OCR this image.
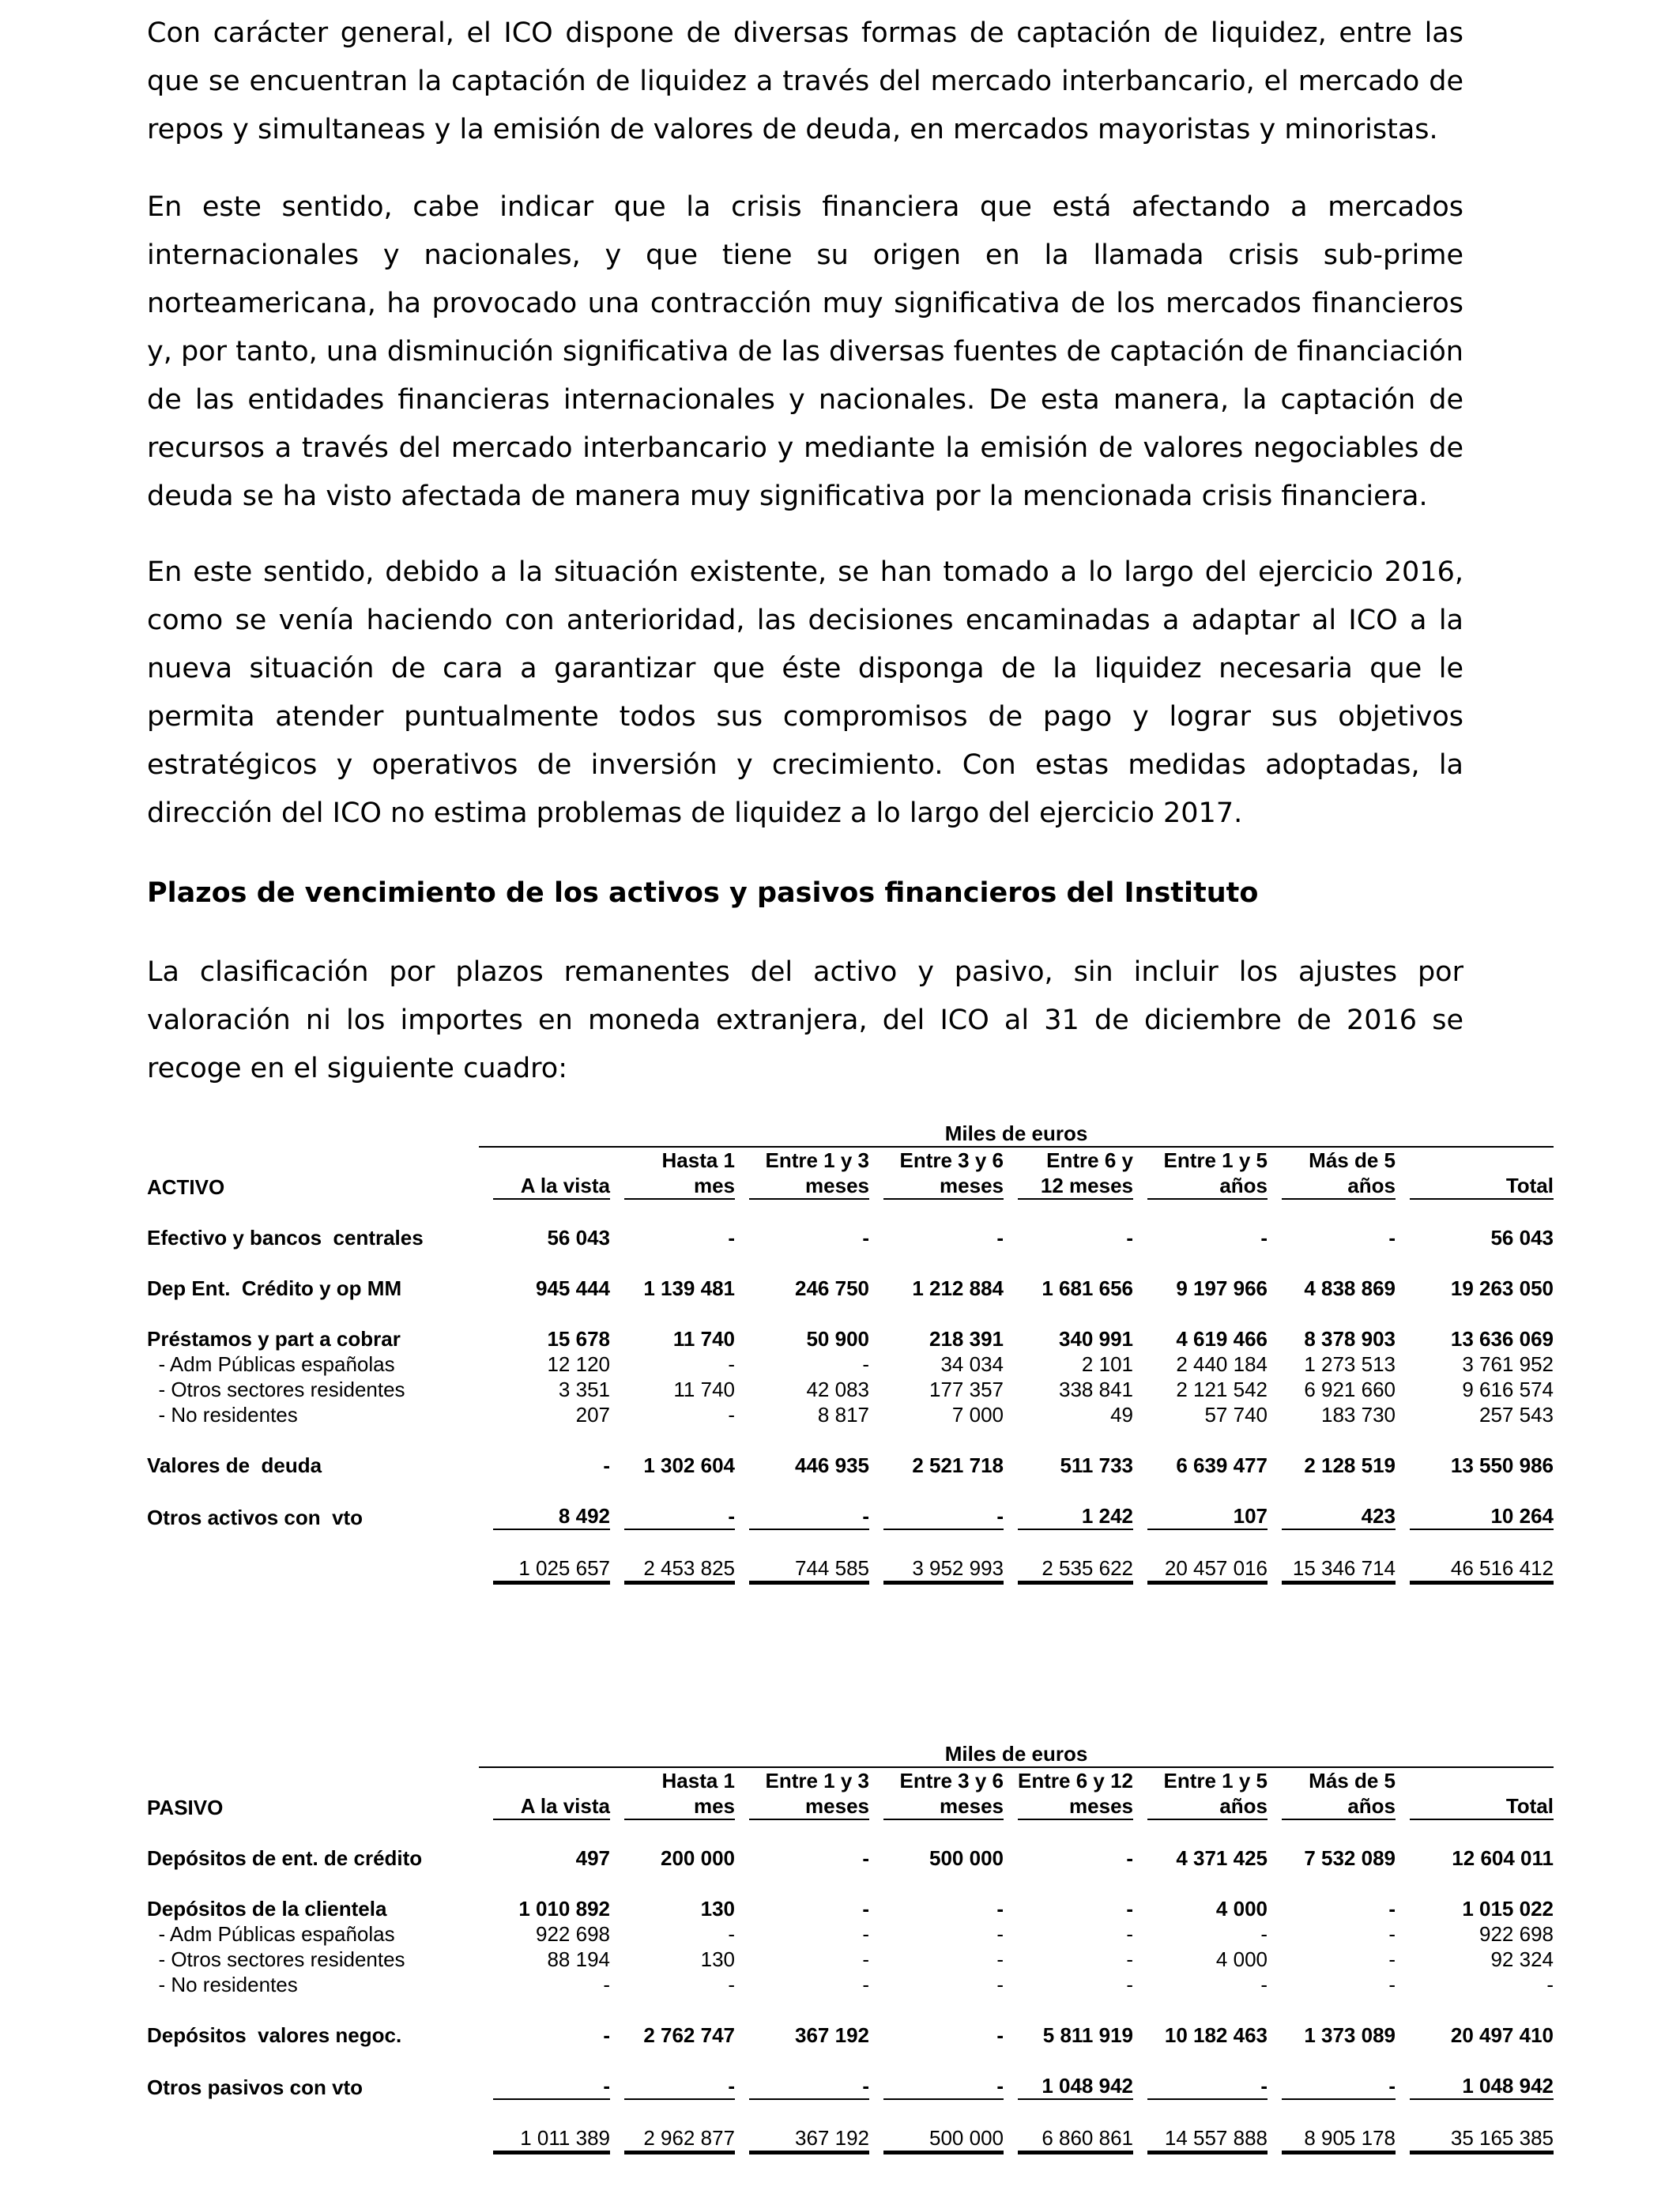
Con carácter general, el ICO dispone de diversas formas de captación de liquidez, entre las que se encuentran la captación de liquidez a través del mercado interbancario, el mercado de repos y simultaneas y la emisión de valores de deuda, en mercados mayoristas y minoristas.

En este sentido, cabe indicar que la crisis financiera que está afectando a mercados internacionales y nacionales, y que tiene su origen en la llamada crisis sub-prime norteamericana, ha provocado una contracción muy significativa de los mercados financieros y, por tanto, una disminución significativa de las diversas fuentes de captación de financiación de las entidades financieras internacionales y nacionales. De esta manera, la captación de recursos a través del mercado interbancario y mediante la emisión de valores negociables de deuda se ha visto afectada de manera muy significativa por la mencionada crisis financiera.

En este sentido, debido a la situación existente, se han tomado a lo largo del ejercicio 2016, como se venía haciendo con anterioridad, las decisiones encaminadas a adaptar al ICO a la nueva situación de cara a garantizar que éste disponga de la liquidez necesaria que le permita atender puntualmente todos sus compromisos de pago y lograr sus objetivos estratégicos y operativos de inversión y crecimiento. Con estas medidas adoptadas, la dirección del ICO no estima problemas de liquidez a lo largo del ejercicio 2017.

Plazos de vencimiento de los activos y pasivos financieros del Instituto

La clasificación por plazos remanentes del activo y pasivo, sin incluir los ajustes por valoración ni los importes en moneda extranjera, del ICO al 31 de diciembre de 2016 se recoge en el siguiente cuadro:

	Miles de euros							
		Hasta 1	Entre 1 y 3	Entre 3 y 6	Entre 6 y	Entre 1 y 5	Más de 5	
ACTIVO	A la vista	mes	meses	meses	12 meses	años	años	Total

Efectivo y bancos  centrales	56 043	-	-	-	-	-	-	56 043

Dep Ent.  Crédito y op MM	945 444	1 139 481	246 750	1 212 884	1 681 656	9 197 966	4 838 869	19 263 050

Préstamos y part a cobrar	15 678	11 740	50 900	218 391	340 991	4 619 466	8 378 903	13 636 069

- Adm Públicas españolas	12 120	-	-	34 034	2 101	2 440 184	1 273 513	3 761 952

- Otros sectores residentes	3 351	11 740	42 083	177 357	338 841	2 121 542	6 921 660	9 616 574

- No residentes	207	-	8 817	7 000	49	57 740	183 730	257 543

Valores de  deuda	-	1 302 604	446 935	2 521 718	511 733	6 639 477	2 128 519	13 550 986

Otros activos con  vto	8 492	-	-	-	1 242	107	423	10 264

	1 025 657	2 453 825	744 585	3 952 993	2 535 622	20 457 016	15 346 714	46 516 412
	Miles de euros							
		Hasta 1	Entre 1 y 3	Entre 3 y 6	Entre 6 y 12	Entre 1 y 5	Más de 5	
PASIVO	A la vista	mes	meses	meses	meses	años	años	Total

Depósitos de ent. de crédito	497	200 000	-	500 000	-	4 371 425	7 532 089	12 604 011

Depósitos de la clientela	1 010 892	130	-	-	-	4 000	-	1 015 022

- Adm Públicas españolas	922 698	-	-	-	-	-	-	922 698

- Otros sectores residentes	88 194	130	-	-	-	4 000	-	92 324

- No residentes	-	-	-	-	-	-	-	-

Depósitos  valores negoc.	-	2 762 747	367 192	-	5 811 919	10 182 463	1 373 089	20 497 410

Otros pasivos con vto	-	-	-	-	1 048 942	-	-	1 048 942

	1 011 389	2 962 877	367 192	500 000	6 860 861	14 557 888	8 905 178	35 165 385
